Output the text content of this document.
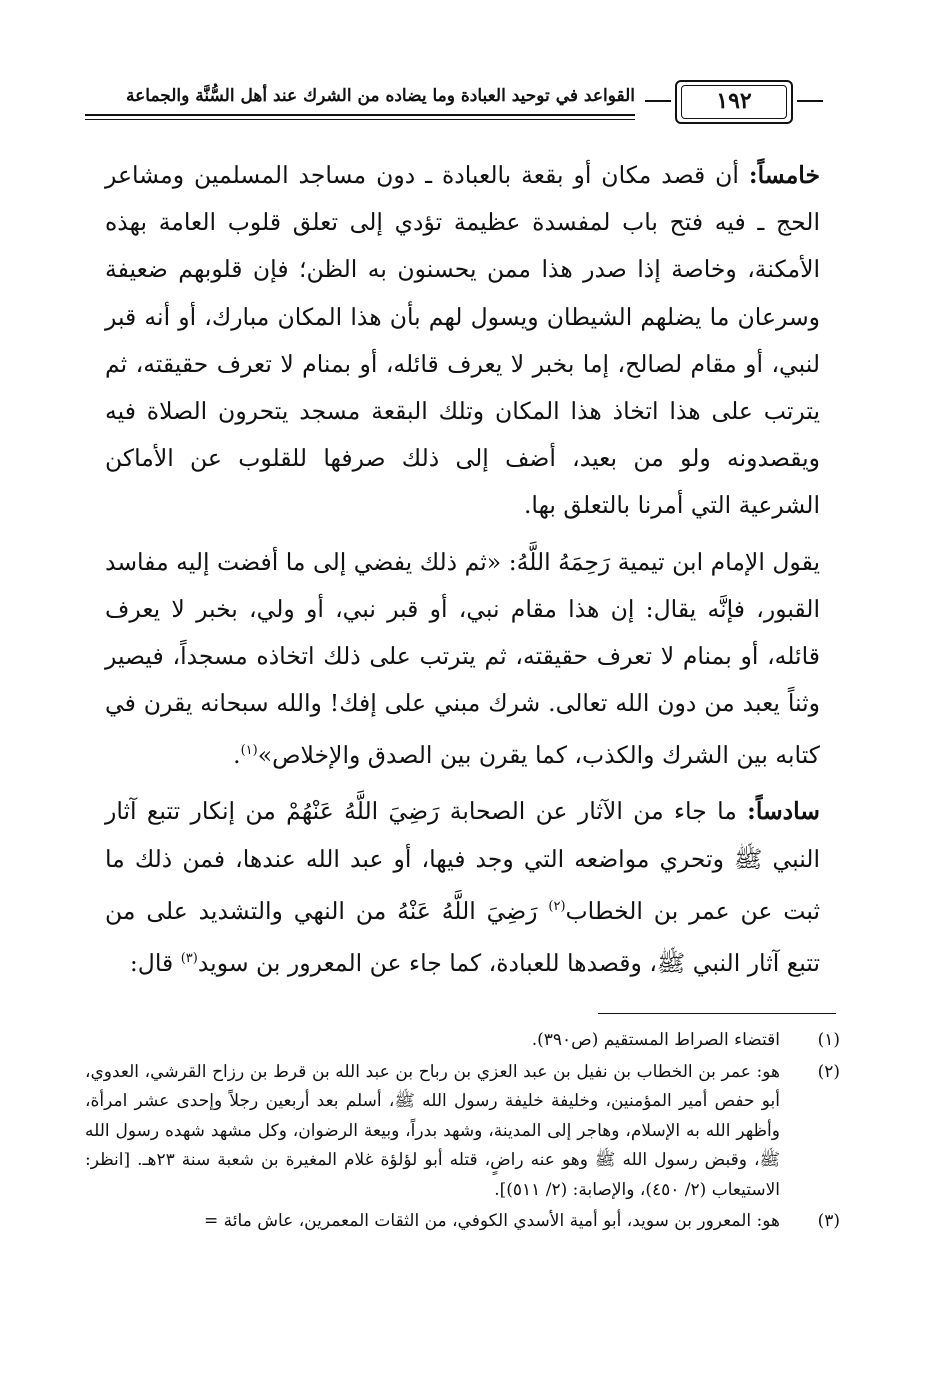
القواعد في توحيد العبادة وما يضاده من الشرك عند أهل السُّنَّة والجماعة	١٩٢

خامساً: أن قصد مكان أو بقعة بالعبادة ـ دون مساجد المسلمين ومشاعر الحج ـ فيه فتح باب لمفسدة عظيمة تؤدي إلى تعلق قلوب العامة بهذه الأمكنة، وخاصة إذا صدر هذا ممن يحسنون به الظن؛ فإن قلوبهم ضعيفة وسرعان ما يضلهم الشيطان ويسول لهم بأن هذا المكان مبارك، أو أنه قبر لنبي، أو مقام لصالح، إما بخبر لا يعرف قائله، أو بمنام لا تعرف حقيقته، ثم يترتب على هذا اتخاذ هذا المكان وتلك البقعة مسجد يتحرون الصلاة فيه ويقصدونه ولو من بعيد، أضف إلى ذلك صرفها للقلوب عن الأماكن الشرعية التي أمرنا بالتعلق بها.

يقول الإمام ابن تيمية رَحِمَهُ اللَّهُ: «ثم ذلك يفضي إلى ما أفضت إليه مفاسد القبور، فإنَّه يقال: إن هذا مقام نبي، أو قبر نبي، أو ولي، بخبر لا يعرف قائله، أو بمنام لا تعرف حقيقته، ثم يترتب على ذلك اتخاذه مسجداً، فيصير وثناً يعبد من دون الله تعالى. شرك مبني على إفك! والله سبحانه يقرن في كتابه بين الشرك والكذب، كما يقرن بين الصدق والإخلاص»$^{(١)}$.

سادساً: ما جاء من الآثار عن الصحابة رَضِيَ اللَّهُ عَنْهُمْ من إنكار تتبع آثار النبي ﷺ وتحري مواضعه التي وجد فيها، أو عبد الله عندها، فمن ذلك ما ثبت عن عمر بن الخطاب$^{(٢)}$ رَضِيَ اللَّهُ عَنْهُ من النهي والتشديد على من تتبع آثار النبي ﷺ، وقصدها للعبادة، كما جاء عن المعرور بن سويد$^{(٣)}$ قال:

(١)
اقتضاء الصراط المستقيم (ص٣٩٠).
(٢)
هو: عمر بن الخطاب بن نفيل بن عبد العزي بن رباح بن عبد الله بن قرط بن رزاح القرشي، العدوي، أبو حفص أمير المؤمنين، وخليفة خليفة رسول الله ﷺ، أسلم بعد أربعين رجلاً وإحدى عشر امرأة، وأظهر الله به الإسلام، وهاجر إلى المدينة، وشهد بدراً، وبيعة الرضوان، وكل مشهد شهده رسول الله ﷺ، وقبض رسول الله ﷺ وهو عنه راضٍ، قتله أبو لؤلؤة غلام المغيرة بن شعبة سنة ٢٣هـ. [انظر: الاستيعاب (٢/ ٤٥٠)، والإصابة: (٢/ ٥١١)].
(٣)
هو: المعرور بن سويد، أبو أمية الأسدي الكوفي، من الثقات المعمرين، عاش مائة =
